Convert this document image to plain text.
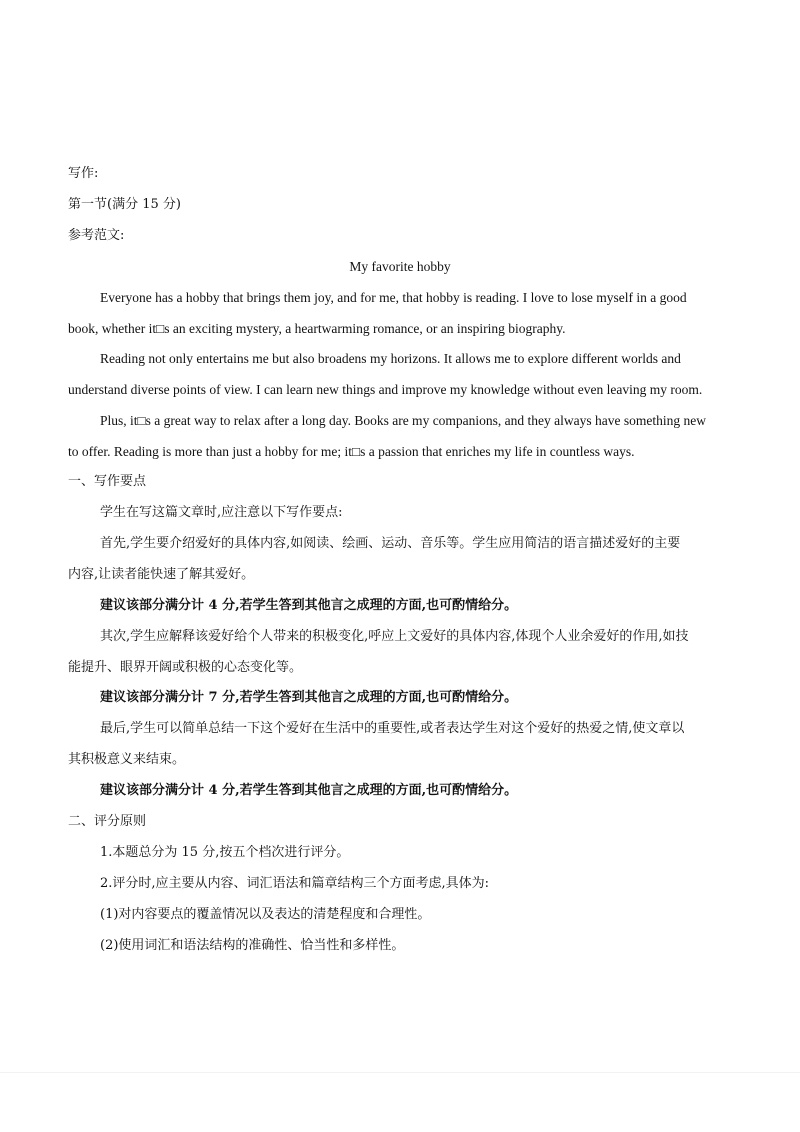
写作:
第一节(满分 15 分)
参考范文:
My favorite hobby
Everyone has a hobby that brings them joy, and for me, that hobby is reading. I love to lose myself in a good
book, whether it□s an exciting mystery, a heartwarming romance, or an inspiring biography.
Reading not only entertains me but also broadens my horizons. It allows me to explore different worlds and
understand diverse points of view. I can learn new things and improve my knowledge without even leaving my room.
Plus, it□s a great way to relax after a long day. Books are my companions, and they always have something new
to offer. Reading is more than just a hobby for me; it□s a passion that enriches my life in countless ways.
一、写作要点
学生在写这篇文章时,应注意以下写作要点:
首先,学生要介绍爱好的具体内容,如阅读、绘画、运动、音乐等。学生应用简洁的语言描述爱好的主要
内容,让读者能快速了解其爱好。
建议该部分满分计 4 分,若学生答到其他言之成理的方面,也可酌情给分。
其次,学生应解释该爱好给个人带来的积极变化,呼应上文爱好的具体内容,体现个人业余爱好的作用,如技
能提升、眼界开阔或积极的心态变化等。
建议该部分满分计 7 分,若学生答到其他言之成理的方面,也可酌情给分。
最后,学生可以简单总结一下这个爱好在生活中的重要性,或者表达学生对这个爱好的热爱之情,使文章以
其积极意义来结束。
建议该部分满分计 4 分,若学生答到其他言之成理的方面,也可酌情给分。
二、评分原则
1.本题总分为 15 分,按五个档次进行评分。
2.评分时,应主要从内容、词汇语法和篇章结构三个方面考虑,具体为:
(1)对内容要点的覆盖情况以及表达的清楚程度和合理性。
(2)使用词汇和语法结构的准确性、恰当性和多样性。
